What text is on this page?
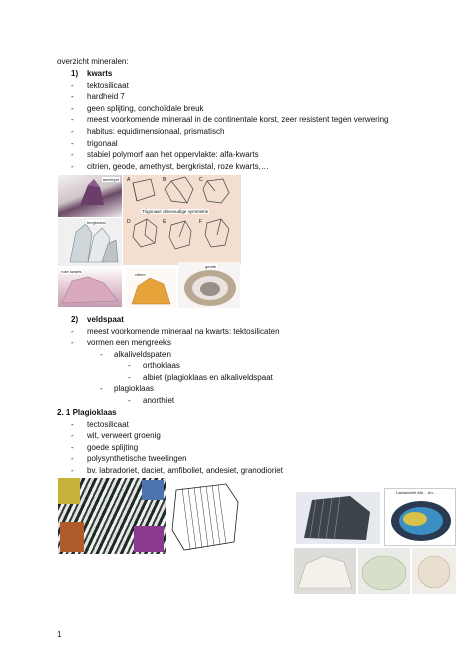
overzicht mineralen:
1) kwarts
- tektosilicaat
- hardheid 7
- geen splijting, conchoïdale breuk
- meest voorkomende mineraal in de continentale korst, zeer resistent tegen verwering
- habitus: equidimensionaal, prismatisch
- trigonaal
- stabiel polymorf aan het oppervlakte: alfa-kwarts
- citrien, geode, amethyst, bergkristal, roze kwarts,…
amethyst
bergkristal
roze kwarts
A	B	C
D	E	F
Trigonaal: drievoudige symmetrie
citrien
geode
2) veldspaat
- meest voorkomende mineraal na kwarts: tektosilicaten
- vormen een mengreeks
- alkaliveldspaten
- orthoklaas
- albiet (plagioklaas en alkaliveldspaat
- plagioklaas
- anorthiet
2. 1 Plagioklaas
- tectosilicaat
- wit, verweert groenig
- goede splijting
- polysynthetische tweelingen
- bv. labradoriet, daciet, amfiboliet, andesiet, granodioriet
Labradoriet Alb… An…
1
